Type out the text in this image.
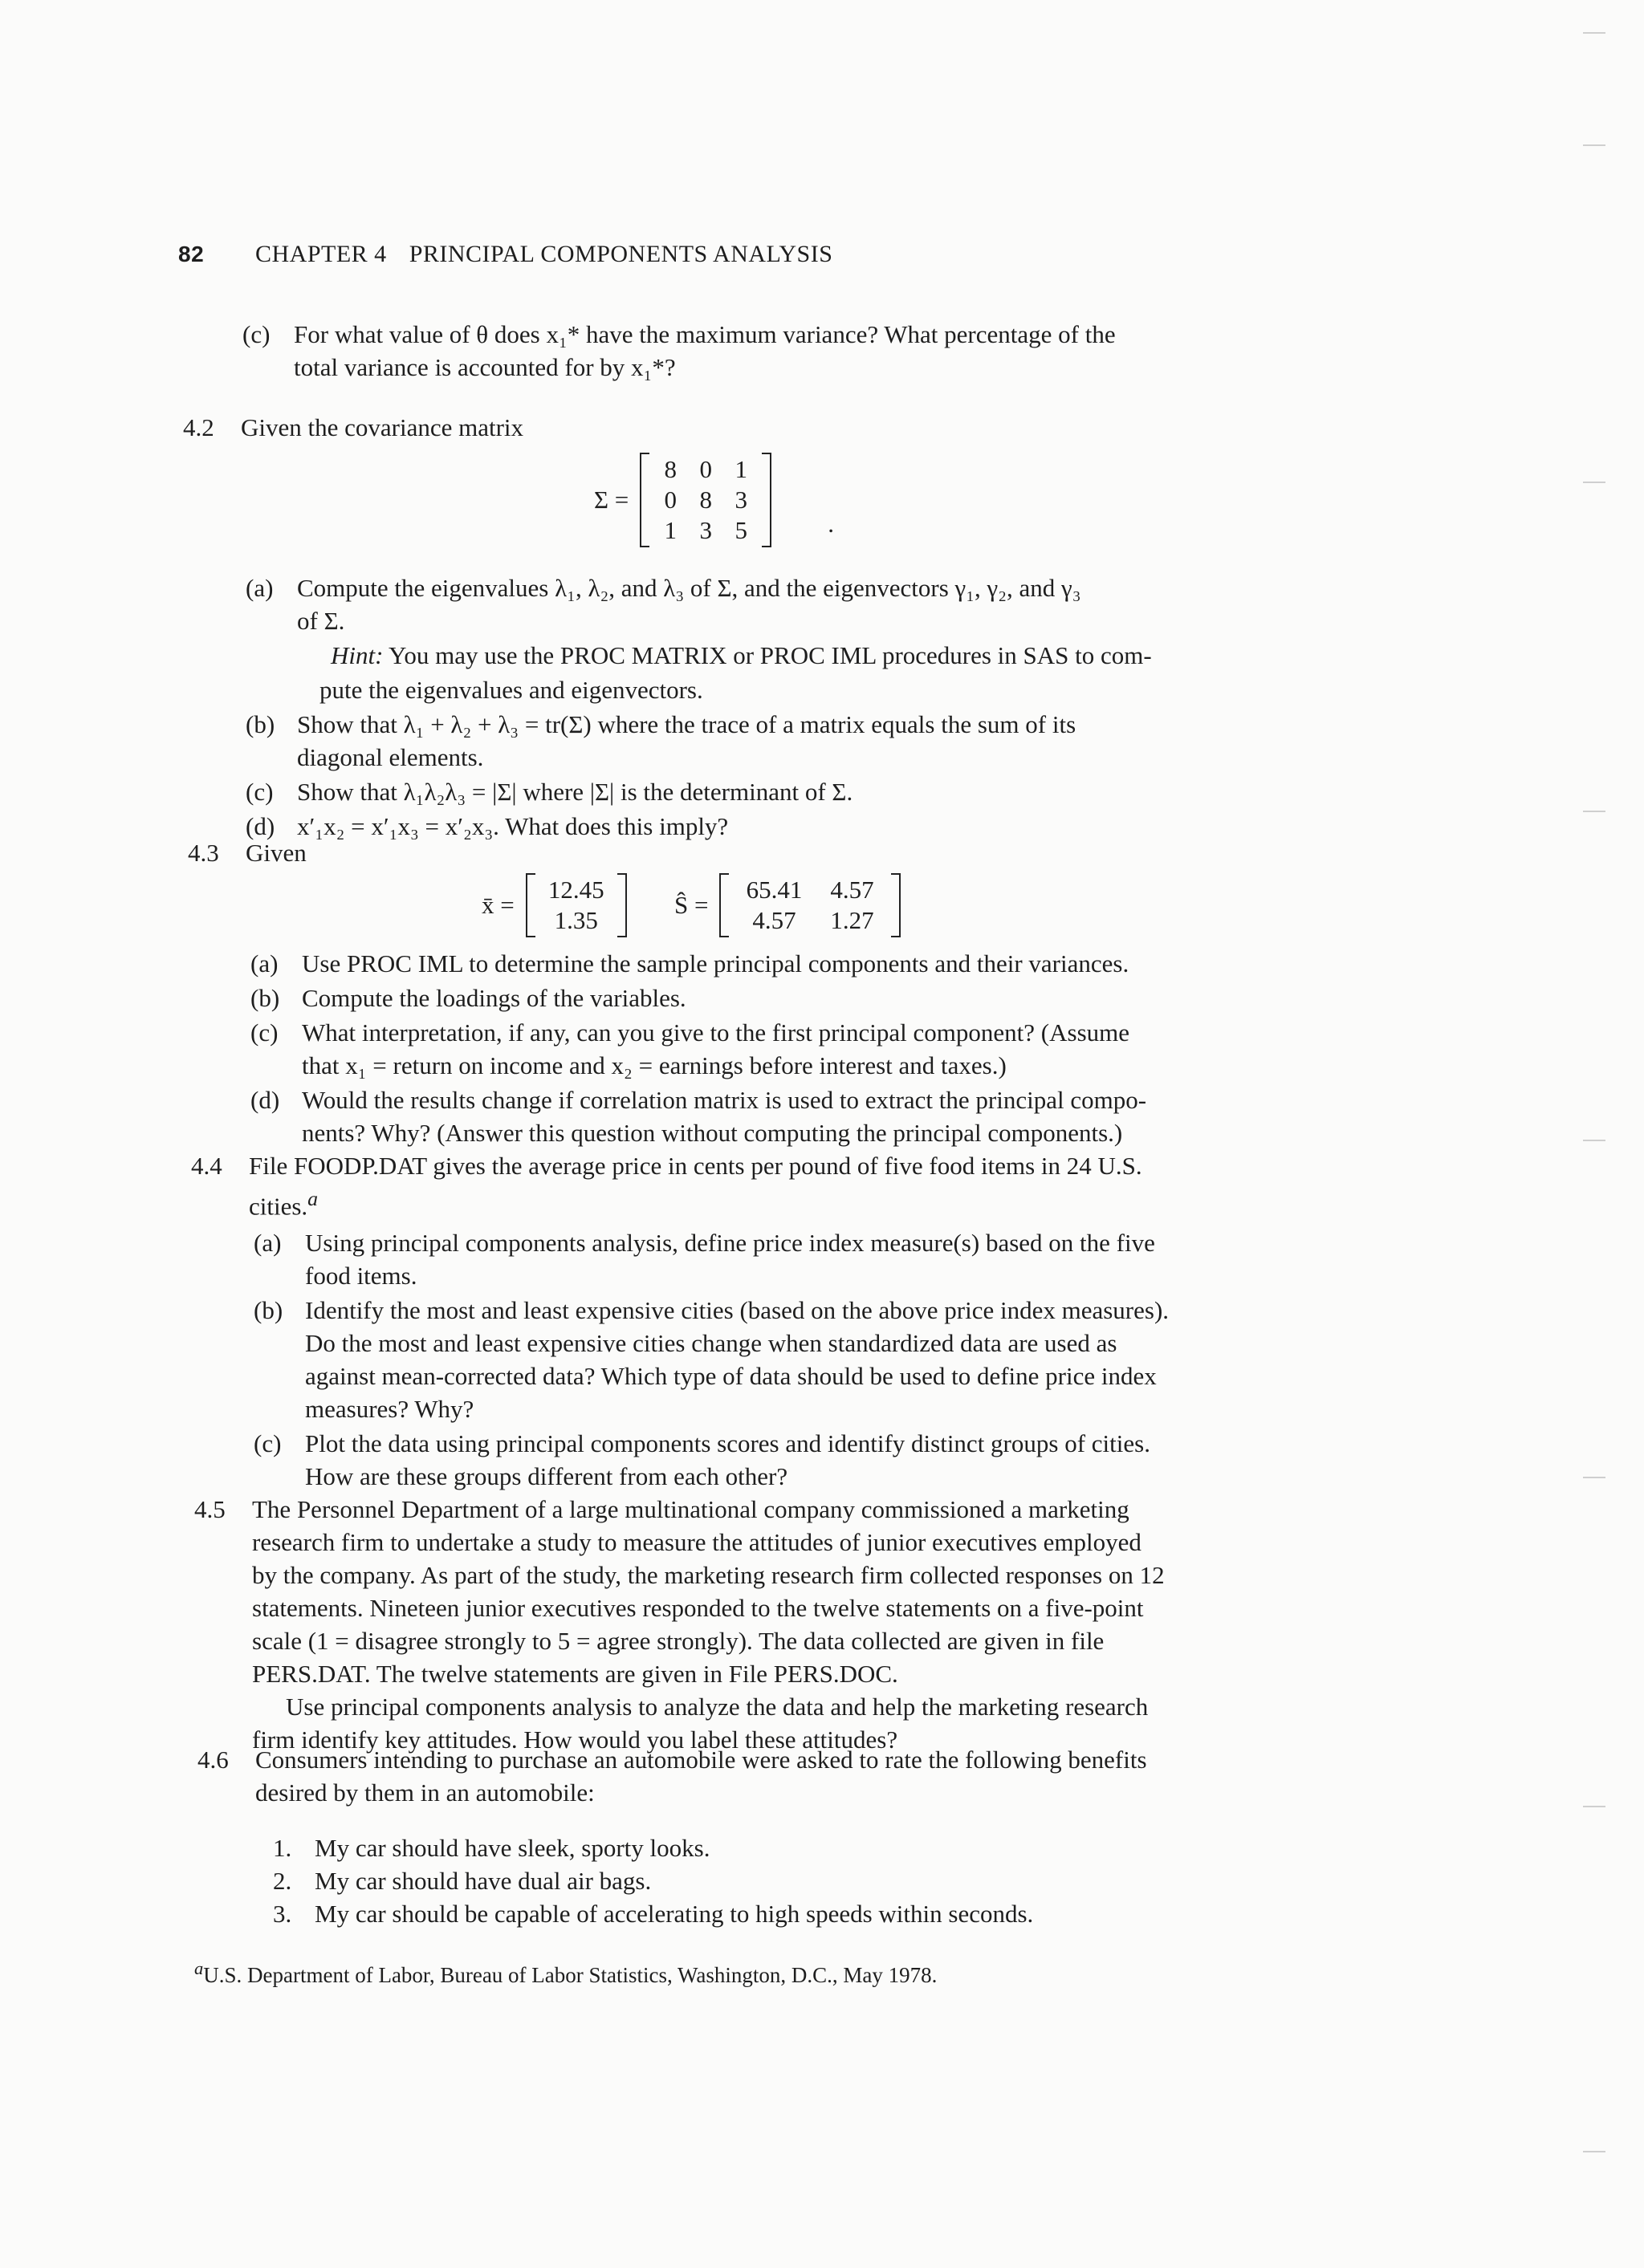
82 CHAPTER 4 PRINCIPAL COMPONENTS ANALYSIS
(c) For what value of θ does x₁* have the maximum variance? What percentage of the
total variance is accounted for by x₁*?
4.2 Given the covariance matrix
Σ =
8 0 1
0 8 3
1 3 5	.
(a) Compute the eigenvalues λ₁, λ₂, and λ₃ of Σ, and the eigenvectors γ₁, γ₂, and γ₃
of Σ.
Hint: You may use the PROC MATRIX or PROC IML procedures in SAS to com-
pute the eigenvalues and eigenvectors.
(b) Show that λ₁ + λ₂ + λ₃ = tr(Σ) where the trace of a matrix equals the sum of its
diagonal elements.
(c) Show that λ₁λ₂λ₃ = |Σ| where |Σ| is the determinant of Σ.
(d) x′₁x₂ = x′₁x₃ = x′₂x₃. What does this imply?
4.3 Given
x̄ =
12.45
1.35
Ŝ =
65.41	4.57
4.57	1.27
(a) Use PROC IML to determine the sample principal components and their variances.
(b) Compute the loadings of the variables.
(c) What interpretation, if any, can you give to the first principal component? (Assume
that x₁ = return on income and x₂ = earnings before interest and taxes.)
(d) Would the results change if correlation matrix is used to extract the principal compo-
nents? Why? (Answer this question without computing the principal components.)
4.4 File FOODP.DAT gives the average price in cents per pound of five food items in 24 U.S.
cities.$^a$
(a) Using principal components analysis, define price index measure(s) based on the five
food items.
(b) Identify the most and least expensive cities (based on the above price index measures).
Do the most and least expensive cities change when standardized data are used as
against mean-corrected data? Which type of data should be used to define price index
measures? Why?
(c) Plot the data using principal components scores and identify distinct groups of cities.
How are these groups different from each other?
4.5 The Personnel Department of a large multinational company commissioned a marketing
research firm to undertake a study to measure the attitudes of junior executives employed
by the company. As part of the study, the marketing research firm collected responses on 12
statements. Nineteen junior executives responded to the twelve statements on a five-point
scale (1 = disagree strongly to 5 = agree strongly). The data collected are given in file
PERS.DAT. The twelve statements are given in File PERS.DOC.
Use principal components analysis to analyze the data and help the marketing research
firm identify key attitudes. How would you label these attitudes?
4.6 Consumers intending to purchase an automobile were asked to rate the following benefits
desired by them in an automobile:
1. My car should have sleek, sporty looks.
2. My car should have dual air bags.
3. My car should be capable of accelerating to high speeds within seconds.
$^a$U.S. Department of Labor, Bureau of Labor Statistics, Washington, D.C., May 1978.
